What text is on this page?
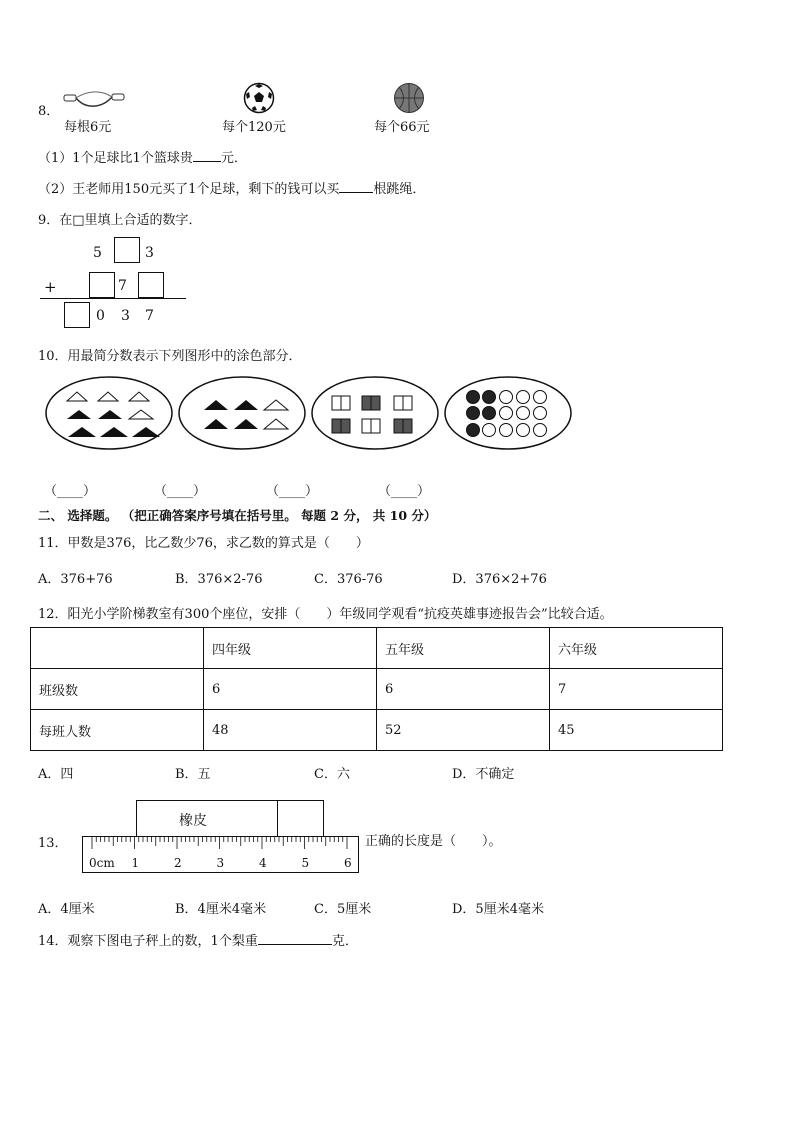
8．
每根6元	每个120元	每个66元
（1）1个足球比1个篮球贵 元．
（2）王老师用150元买了1个足球，剩下的钱可以买	根跳绳．
9．在□里填上合适的数字．
5	3
+	7
0 3 7
10．用最简分数表示下列图形中的涂色部分．
（____）	（____）	（____）	（____）
二、 选择题。 （把正确答案序号填在括号里。 每题 2 分， 共 10 分）
11．甲数是376，比乙数少76，求乙数的算式是（　　）
A．376+76	B．376×2-76	C．376-76	D．376×2+76
12．阳光小学阶梯教室有300个座位，安排（　　）年级同学观看“抗疫英雄事迹报告会”比较合适。
	四年级	五年级	六年级
班级数	6	6	7
每班人数	48	52	45
A．四	B．五	C．六	D．不确定
13．
橡皮
0cm 1	2	3	4	5	6
正确的长度是（　　）。
A．4厘米	B．4厘米4毫米	C．5厘米	D．5厘米4毫米
14．观察下图电子秤上的数，1个梨重	克．
